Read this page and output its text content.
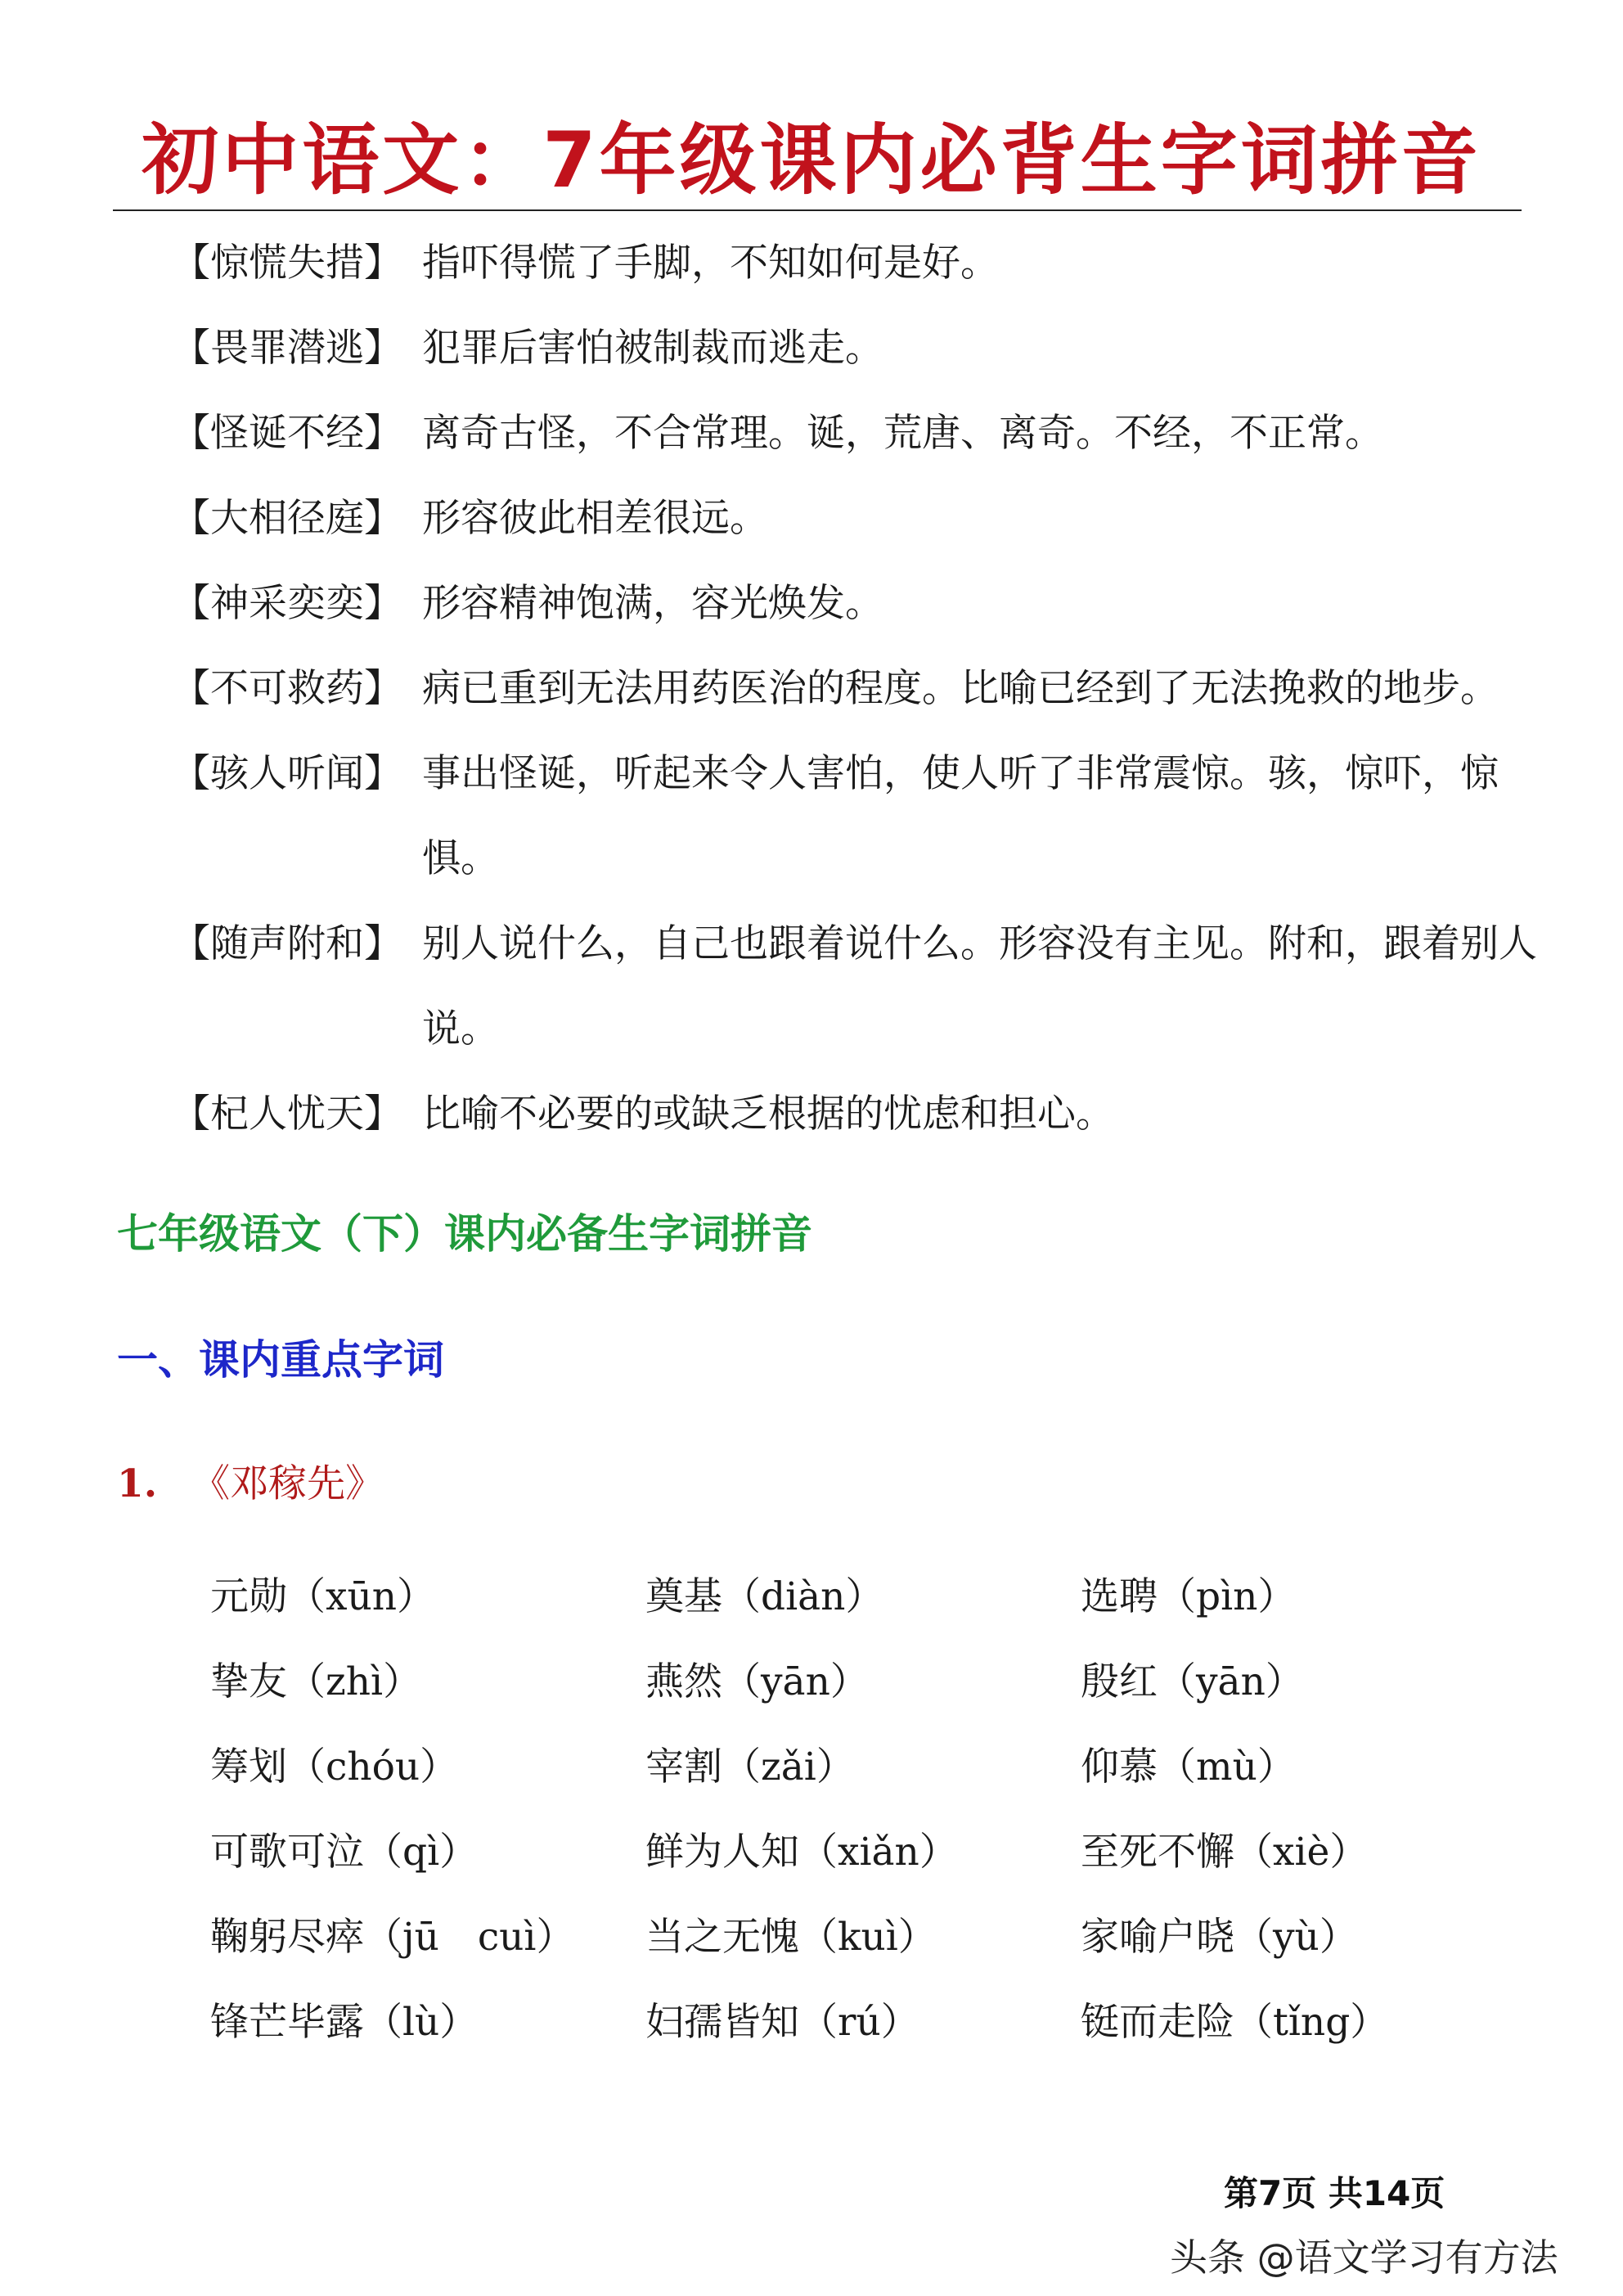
初中语文：7年级课内必背生字词拼音
【惊慌失措】 指吓得慌了手脚，不知如何是好。
【畏罪潜逃】 犯罪后害怕被制裁而逃走。
【怪诞不经】 离奇古怪，不合常理。诞，荒唐、离奇。不经，不正常。
【大相径庭】 形容彼此相差很远。
【神采奕奕】 形容精神饱满，容光焕发。
【不可救药】 病已重到无法用药医治的程度。比喻已经到了无法挽救的地步。
【骇人听闻】 事出怪诞，听起来令人害怕，使人听了非常震惊。骇，惊吓，惊惧。
【随声附和】 别人说什么，自己也跟着说什么。形容没有主见。附和，跟着别人说。
【杞人忧天】 比喻不必要的或缺乏根据的忧虑和担心。
七年级语文（下）课内必备生字词拼音
一、课内重点字词
1. 《邓稼先》
元勋（xūn）	奠基（diàn）	选聘（pìn）
挚友（zhì）	燕然（yān）	殷红（yān）
筹划（chóu）	宰割（zǎi）	仰慕（mù）
可歌可泣（qì）	鲜为人知（xiǎn）	至死不懈（xiè）
鞠躬尽瘁（jū　cuì）	当之无愧（kuì）	家喻户晓（yù）
锋芒毕露（lù）	妇孺皆知（rú）	铤而走险（tǐng）
第7页 共14页
头条 @语文学习有方法
